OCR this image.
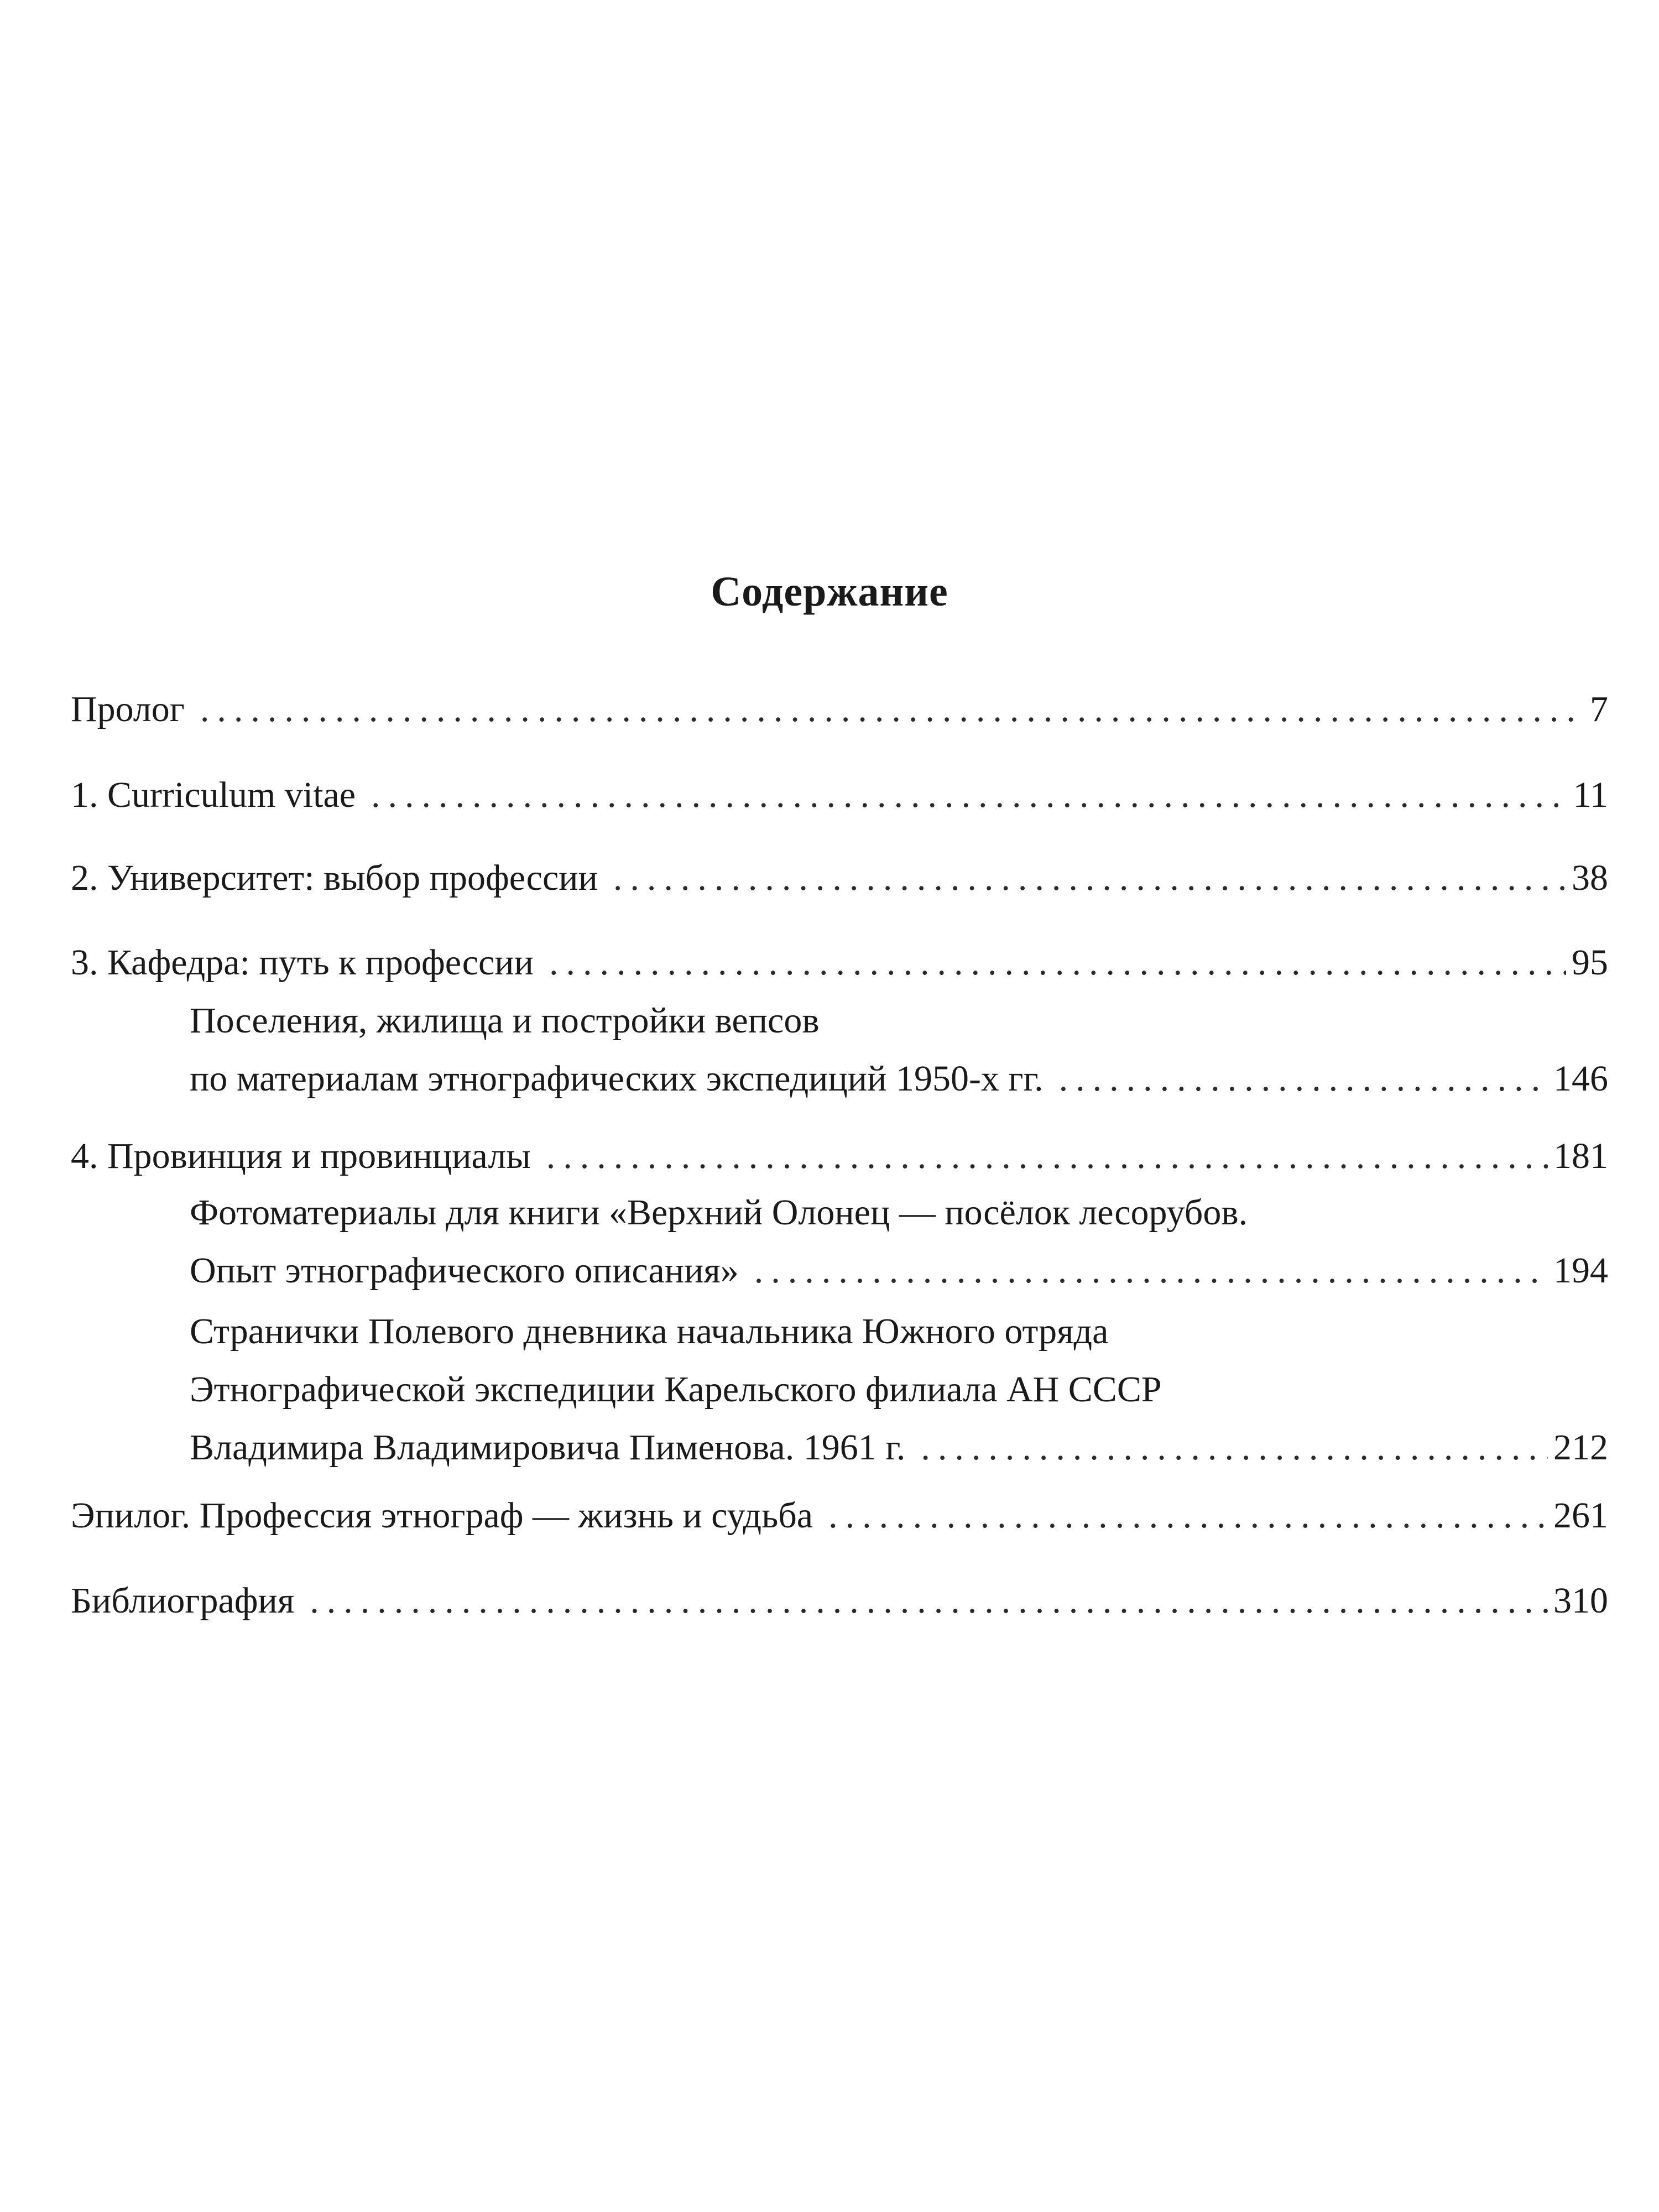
Содержание
Пролог .....	7
1. Curriculum vitae .....	11
2. Университет: выбор профессии .....	38
3. Кафедра: путь к профессии .....	95
Поселения, жилища и постройки вепсов
по материалам этнографических экспедиций 1950-х гг. .....	146
4. Провинция и провинциалы .....	181
Фотоматериалы для книги «Верхний Олонец — посёлок лесорубов.
Опыт этнографического описания» .....	194
Странички Полевого дневника начальника Южного отряда
Этнографической экспедиции Карельского филиала АН СССР
Владимира Владимировича Пименова. 1961 г. .....	212
Эпилог. Профессия этнограф — жизнь и судьба .....	261
Библиография .....	310
